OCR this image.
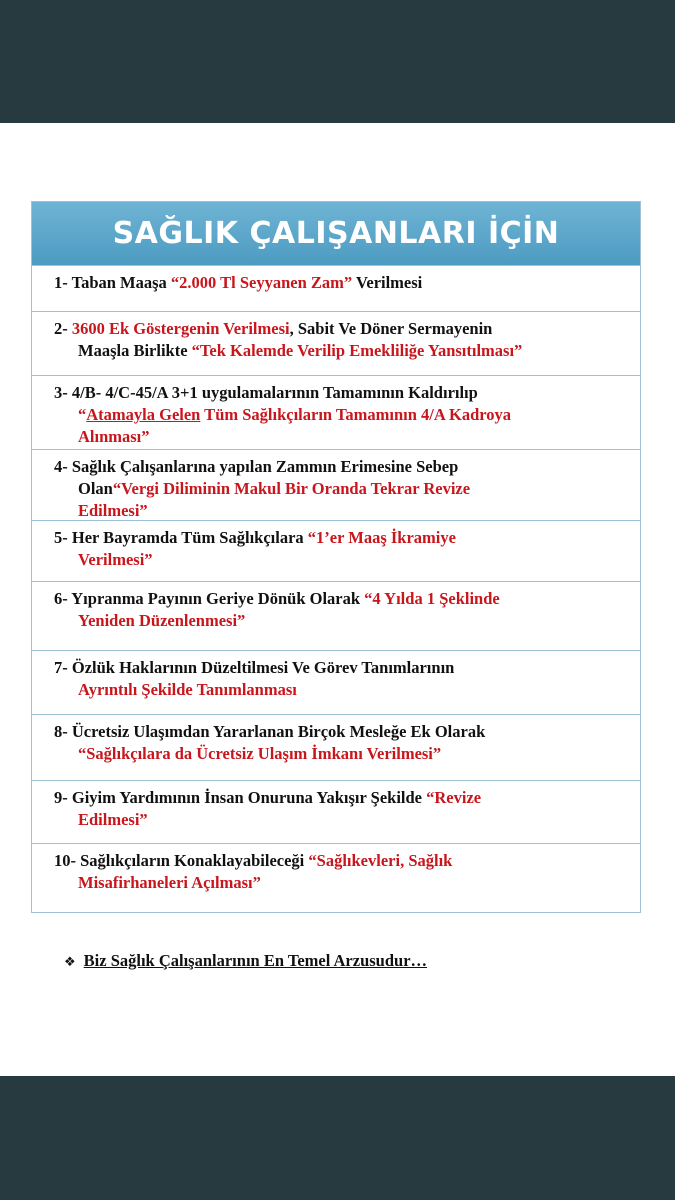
SAĞLIK ÇALIŞANLARI İÇİN
1- Taban Maaşa “2.000 Tl Seyyanen Zam” Verilmesi
2- 3600 Ek Göstergenin Verilmesi, Sabit Ve Döner Sermayenin
Maaşla Birlikte “Tek Kalemde Verilip Emekliliğe Yansıtılması”
3- 4/B- 4/C-45/A 3+1 uygulamalarının Tamamının Kaldırılıp
“Atamayla Gelen Tüm Sağlıkçıların Tamamının 4/A Kadroya
Alınması”
4- Sağlık Çalışanlarına yapılan Zammın Erimesine Sebep
Olan“Vergi Diliminin Makul Bir Oranda Tekrar Revize
Edilmesi”
5- Her Bayramda Tüm Sağlıkçılara “1’er Maaş İkramiye
Verilmesi”
6- Yıpranma Payının Geriye Dönük Olarak “4 Yılda 1 Şeklinde
Yeniden Düzenlenmesi”
7- Özlük Haklarının Düzeltilmesi Ve Görev Tanımlarının
Ayrıntılı Şekilde Tanımlanması
8- Ücretsiz Ulaşımdan Yararlanan Birçok Mesleğe Ek Olarak
“Sağlıkçılara da Ücretsiz Ulaşım İmkanı Verilmesi”
9- Giyim Yardımının İnsan Onuruna Yakışır Şekilde “Revize
Edilmesi”
10- Sağlıkçıların Konaklayabileceği “Sağlıkevleri, Sağlık
Misafirhaneleri Açılması”
❖ Biz Sağlık Çalışanlarının En Temel Arzusudur…
